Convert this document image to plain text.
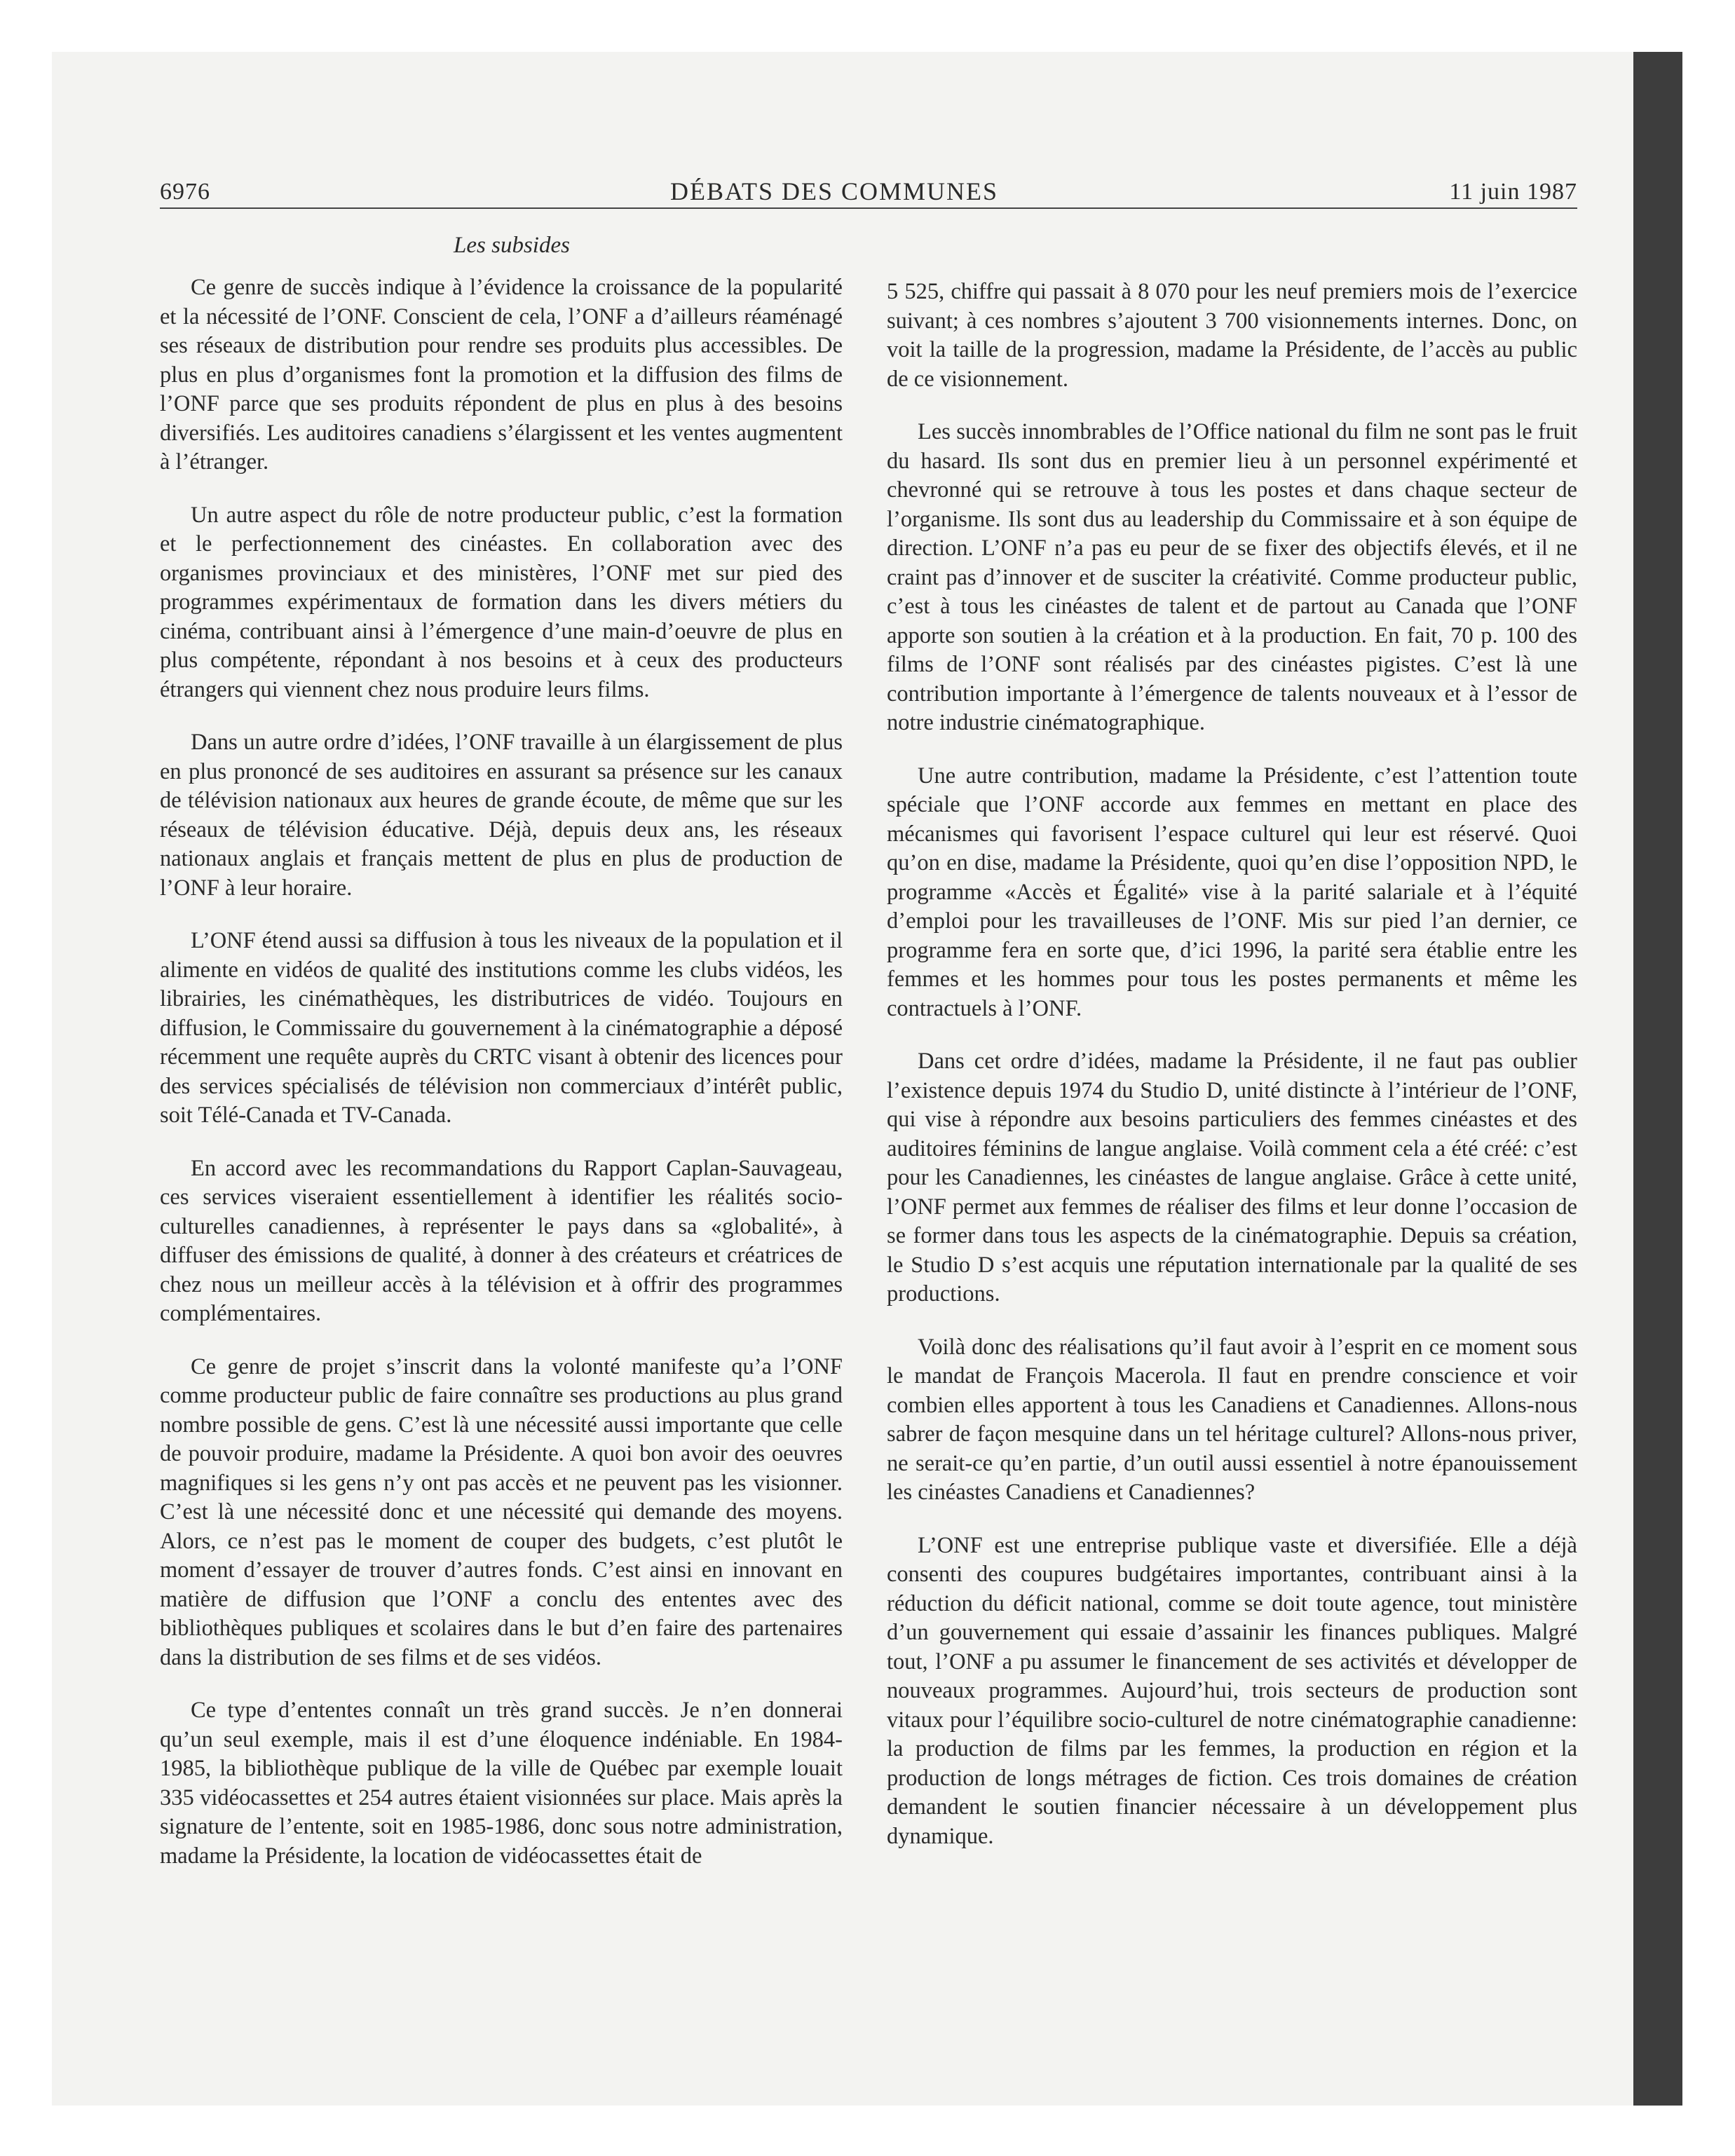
6976	DÉBATS DES COMMUNES	11 juin 1987
Les subsides

Ce genre de succès indique à l’évidence la croissance de la popularité et la nécessité de l’ONF. Conscient de cela, l’ONF a d’ailleurs réaménagé ses réseaux de distribution pour rendre ses produits plus accessibles. De plus en plus d’organismes font la promotion et la diffusion des films de l’ONF parce que ses produits répondent de plus en plus à des besoins diversifiés. Les auditoires canadiens s’élargissent et les ventes augmentent à l’étranger.

Un autre aspect du rôle de notre producteur public, c’est la formation et le perfectionnement des cinéastes. En collaboration avec des organismes provinciaux et des ministères, l’ONF met sur pied des programmes expérimentaux de formation dans les divers métiers du cinéma, contribuant ainsi à l’émergence d’une main-d’oeuvre de plus en plus compétente, répondant à nos besoins et à ceux des producteurs étrangers qui viennent chez nous produire leurs films.

Dans un autre ordre d’idées, l’ONF travaille à un élargissement de plus en plus prononcé de ses auditoires en assurant sa présence sur les canaux de télévision nationaux aux heures de grande écoute, de même que sur les réseaux de télévision éducative. Déjà, depuis deux ans, les réseaux nationaux anglais et français mettent de plus en plus de production de l’ONF à leur horaire.

L’ONF étend aussi sa diffusion à tous les niveaux de la population et il alimente en vidéos de qualité des institutions comme les clubs vidéos, les librairies, les cinémathèques, les distributrices de vidéo. Toujours en diffusion, le Commissaire du gouvernement à la cinématographie a déposé récemment une requête auprès du CRTC visant à obtenir des licences pour des services spécialisés de télévision non commerciaux d’intérêt public, soit Télé-Canada et TV-Canada.

En accord avec les recommandations du Rapport Caplan-Sauvageau, ces services viseraient essentiellement à identifier les réalités socio-culturelles canadiennes, à représenter le pays dans sa «globalité», à diffuser des émissions de qualité, à donner à des créateurs et créatrices de chez nous un meilleur accès à la télévision et à offrir des programmes complémentaires.

Ce genre de projet s’inscrit dans la volonté manifeste qu’a l’ONF comme producteur public de faire connaître ses productions au plus grand nombre possible de gens. C’est là une nécessité aussi importante que celle de pouvoir produire, madame la Présidente. A quoi bon avoir des oeuvres magnifiques si les gens n’y ont pas accès et ne peuvent pas les visionner. C’est là une nécessité donc et une nécessité qui demande des moyens. Alors, ce n’est pas le moment de couper des budgets, c’est plutôt le moment d’essayer de trouver d’autres fonds. C’est ainsi en innovant en matière de diffusion que l’ONF a conclu des ententes avec des bibliothèques publiques et scolaires dans le but d’en faire des partenaires dans la distribution de ses films et de ses vidéos.

Ce type d’ententes connaît un très grand succès. Je n’en donnerai qu’un seul exemple, mais il est d’une éloquence indéniable. En 1984-1985, la bibliothèque publique de la ville de Québec par exemple louait 335 vidéocassettes et 254 autres étaient visionnées sur place. Mais après la signature de l’entente, soit en 1985-1986, donc sous notre administration, madame la Présidente, la location de vidéocassettes était de

5 525, chiffre qui passait à 8 070 pour les neuf premiers mois de l’exercice suivant; à ces nombres s’ajoutent 3 700 visionnements internes. Donc, on voit la taille de la progression, madame la Présidente, de l’accès au public de ce visionnement.

Les succès innombrables de l’Office national du film ne sont pas le fruit du hasard. Ils sont dus en premier lieu à un personnel expérimenté et chevronné qui se retrouve à tous les postes et dans chaque secteur de l’organisme. Ils sont dus au leadership du Commissaire et à son équipe de direction. L’ONF n’a pas eu peur de se fixer des objectifs élevés, et il ne craint pas d’innover et de susciter la créativité. Comme producteur public, c’est à tous les cinéastes de talent et de partout au Canada que l’ONF apporte son soutien à la création et à la production. En fait, 70 p. 100 des films de l’ONF sont réalisés par des cinéastes pigistes. C’est là une contribution importante à l’émergence de talents nouveaux et à l’essor de notre industrie cinématographique.

Une autre contribution, madame la Présidente, c’est l’attention toute spéciale que l’ONF accorde aux femmes en mettant en place des mécanismes qui favorisent l’espace culturel qui leur est réservé. Quoi qu’on en dise, madame la Présidente, quoi qu’en dise l’opposition NPD, le programme «Accès et Égalité» vise à la parité salariale et à l’équité d’emploi pour les travailleuses de l’ONF. Mis sur pied l’an dernier, ce programme fera en sorte que, d’ici 1996, la parité sera établie entre les femmes et les hommes pour tous les postes permanents et même les contractuels à l’ONF.

Dans cet ordre d’idées, madame la Présidente, il ne faut pas oublier l’existence depuis 1974 du Studio D, unité distincte à l’intérieur de l’ONF, qui vise à répondre aux besoins particuliers des femmes cinéastes et des auditoires féminins de langue anglaise. Voilà comment cela a été créé: c’est pour les Canadiennes, les cinéastes de langue anglaise. Grâce à cette unité, l’ONF permet aux femmes de réaliser des films et leur donne l’occasion de se former dans tous les aspects de la cinématographie. Depuis sa création, le Studio D s’est acquis une réputation internationale par la qualité de ses productions.

Voilà donc des réalisations qu’il faut avoir à l’esprit en ce moment sous le mandat de François Macerola. Il faut en prendre conscience et voir combien elles apportent à tous les Canadiens et Canadiennes. Allons-nous sabrer de façon mesquine dans un tel héritage culturel? Allons-nous priver, ne serait-ce qu’en partie, d’un outil aussi essentiel à notre épanouissement les cinéastes Canadiens et Canadiennes?

L’ONF est une entreprise publique vaste et diversifiée. Elle a déjà consenti des coupures budgétaires importantes, contribuant ainsi à la réduction du déficit national, comme se doit toute agence, tout ministère d’un gouvernement qui essaie d’assainir les finances publiques. Malgré tout, l’ONF a pu assumer le financement de ses activités et développer de nouveaux programmes. Aujourd’hui, trois secteurs de production sont vitaux pour l’équilibre socio-culturel de notre cinématographie canadienne: la production de films par les femmes, la production en région et la production de longs métrages de fiction. Ces trois domaines de création demandent le soutien financier nécessaire à un développement plus dynamique.
